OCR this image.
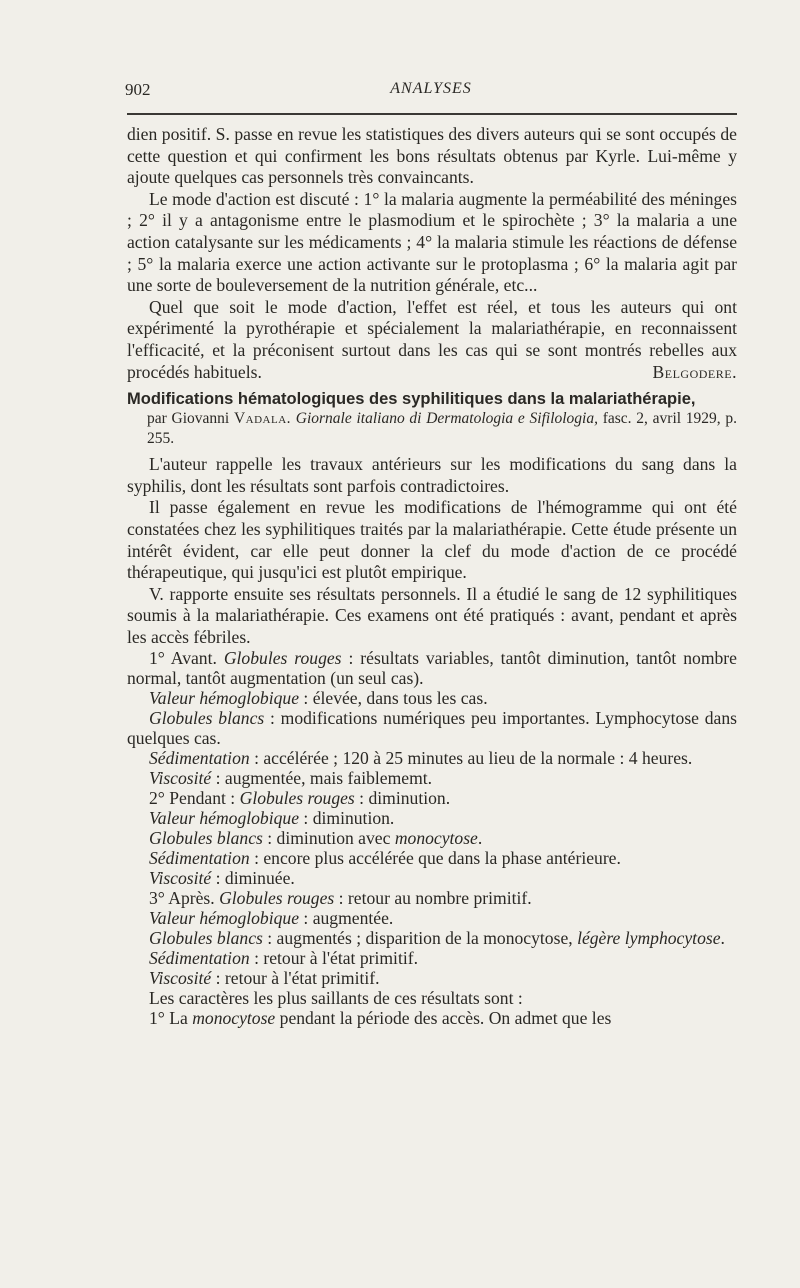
902	ANALYSES

dien positif. S. passe en revue les statistiques des divers auteurs qui se sont occupés de cette question et qui confirment les bons résultats obtenus par Kyrle. Lui-même y ajoute quelques cas personnels très convaincants.

Le mode d'action est discuté : 1° la malaria augmente la perméabilité des méninges ; 2° il y a antagonisme entre le plasmodium et le spirochète ; 3° la malaria a une action catalysante sur les médicaments ; 4° la malaria stimule les réactions de défense ; 5° la malaria exerce une action activante sur le protoplasma ; 6° la malaria agit par une sorte de bouleversement de la nutrition générale, etc...

Quel que soit le mode d'action, l'effet est réel, et tous les auteurs qui ont expérimenté la pyrothérapie et spécialement la malariathérapie, en reconnaissent l'efficacité, et la préconisent surtout dans les cas qui se sont montrés rebelles aux procédés habituels.	Belgodere.

Modifications hématologiques des syphilitiques dans la malariathérapie,
par Giovanni Vadala. Giornale italiano di Dermatologia e Sifilologia, fasc. 2, avril 1929, p. 255.

L'auteur rappelle les travaux antérieurs sur les modifications du sang dans la syphilis, dont les résultats sont parfois contradictoires.

Il passe également en revue les modifications de l'hémogramme qui ont été constatées chez les syphilitiques traités par la malariathérapie. Cette étude présente un intérêt évident, car elle peut donner la clef du mode d'action de ce procédé thérapeutique, qui jusqu'ici est plutôt empirique.

V. rapporte ensuite ses résultats personnels. Il a étudié le sang de 12 syphilitiques soumis à la malariathérapie. Ces examens ont été pratiqués : avant, pendant et après les accès fébriles.

1° Avant. Globules rouges : résultats variables, tantôt diminution, tantôt nombre normal, tantôt augmentation (un seul cas).

Valeur hémoglobique : élevée, dans tous les cas.

Globules blancs : modifications numériques peu importantes. Lymphocytose dans quelques cas.

Sédimentation : accélérée ; 120 à 25 minutes au lieu de la normale : 4 heures.

Viscosité : augmentée, mais faiblememt.

2° Pendant : Globules rouges : diminution.

Valeur hémoglobique : diminution.

Globules blancs : diminution avec monocytose.

Sédimentation : encore plus accélérée que dans la phase antérieure.

Viscosité : diminuée.

3° Après. Globules rouges : retour au nombre primitif.

Valeur hémoglobique : augmentée.

Globules blancs : augmentés ; disparition de la monocytose, légère lymphocytose.

Sédimentation : retour à l'état primitif.

Viscosité : retour à l'état primitif.

Les caractères les plus saillants de ces résultats sont :

1° La monocytose pendant la période des accès. On admet que les
